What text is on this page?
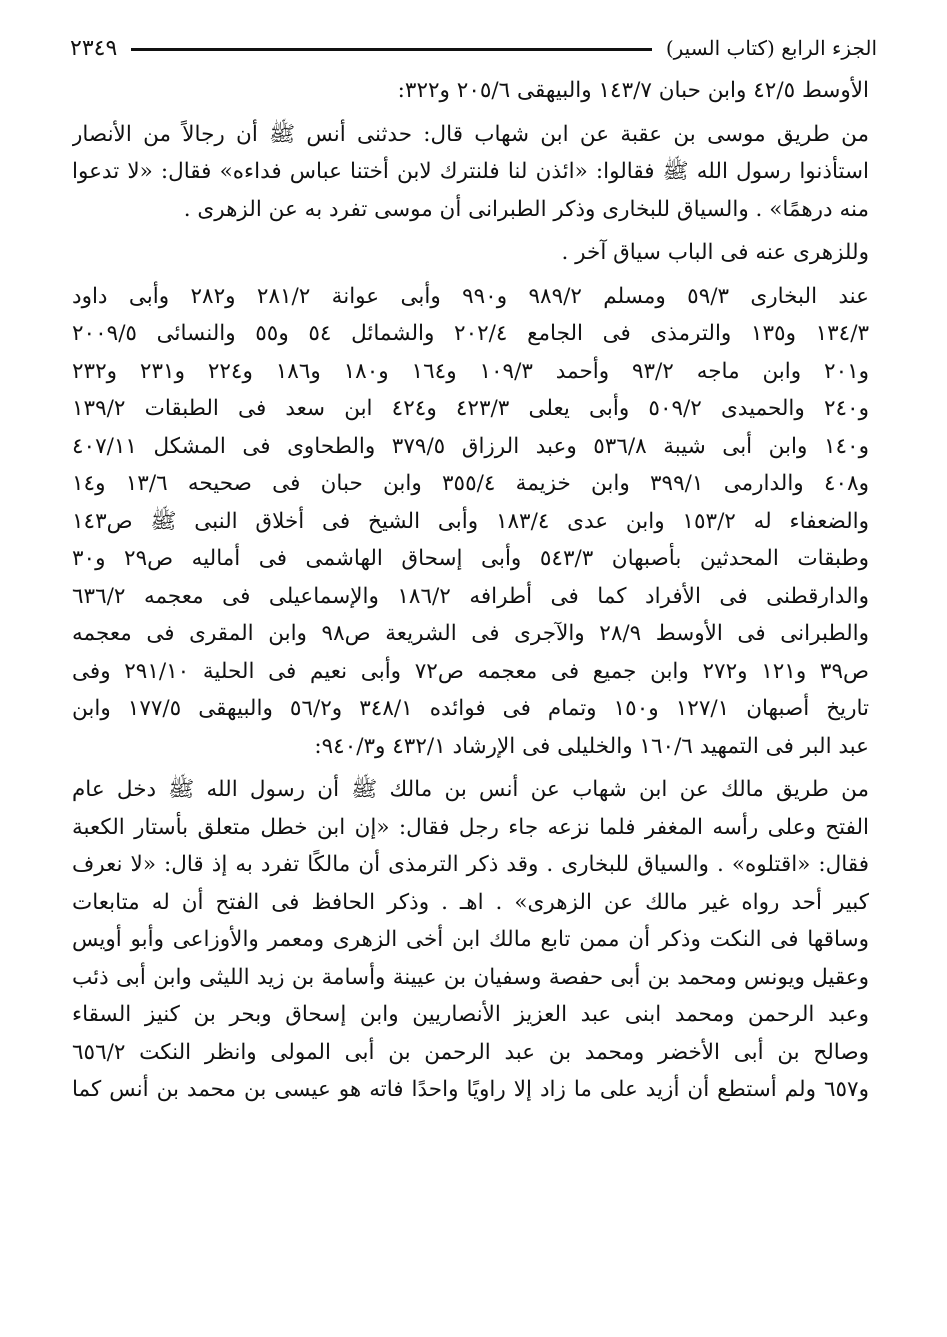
الجزء الرابع (كتاب السير)
٢٣٤٩

الأوسط ٤٢/٥ وابن حبان ١٤٣/٧ والبيهقى ٢٠٥/٦ و٣٢٢:

من طريق موسى بن عقبة عن ابن شهاب قال: حدثنى أنس ﷺ أن رجالاً من الأنصار
استأذنوا رسول الله ﷺ فقالوا: «ائذن لنا فلنترك لابن أختنا عباس فداءه» فقال: «لا تدعوا
منه درهمًا» . والسياق للبخارى وذكر الطبرانى أن موسى تفرد به عن الزهرى .

وللزهرى عنه فى الباب سياق آخر .

عند البخارى ٥٩/٣ ومسلم ٩٨٩/٢ و٩٩٠ وأبى عوانة ٢٨١/٢ و٢٨٢ وأبى داود
١٣٤/٣ و١٣٥ والترمذى فى الجامع ٢٠٢/٤ والشمائل ٥٤ و٥٥ والنسائى ٢٠٠٩/٥
و٢٠١ وابن ماجه ٩٣/٢ وأحمد ١٠٩/٣ و١٦٤ و١٨٠ و١٨٦ و٢٢٤ و٢٣١ و٢٣٢
و٢٤٠ والحميدى ٥٠٩/٢ وأبى يعلى ٤٢٣/٣ و٤٢٤ ابن سعد فى الطبقات ١٣٩/٢
و١٤٠ وابن أبى شيبة ٥٣٦/٨ وعبد الرزاق ٣٧٩/٥ والطحاوى فى المشكل ٤٠٧/١١
و٤٠٨ والدارمى ٣٩٩/١ وابن خزيمة ٣٥٥/٤ وابن حبان فى صحيحه ١٣/٦ و١٤
والضعفاء له ١٥٣/٢ وابن عدى ١٨٣/٤ وأبى الشيخ فى أخلاق النبى ﷺ ص١٤٣
وطبقات المحدثين بأصبهان ٥٤٣/٣ وأبى إسحاق الهاشمى فى أماليه ص٢٩ و٣٠
والدارقطنى فى الأفراد كما فى أطرافه ١٨٦/٢ والإسماعيلى فى معجمه ٦٣٦/٢
والطبرانى فى الأوسط ٢٨/٩ والآجرى فى الشريعة ص٩٨ وابن المقرى فى معجمه
ص٣٩ و١٢١ و٢٧٢ وابن جميع فى معجمه ص٧٢ وأبى نعيم فى الحلية ٢٩١/١٠ وفى
تاريخ أصبهان ١٢٧/١ و١٥٠ وتمام فى فوائده ٣٤٨/١ و٥٦/٢ والبيهقى ١٧٧/٥ وابن
عبد البر فى التمهيد ١٦٠/٦ والخليلى فى الإرشاد ٤٣٢/١ و٩٤٠/٣:

من طريق مالك عن ابن شهاب عن أنس بن مالك ﷺ أن رسول الله ﷺ دخل عام
الفتح وعلى رأسه المغفر فلما نزعه جاء رجل فقال: «إن ابن خطل متعلق بأستار الكعبة
فقال: «اقتلوه» . والسياق للبخارى . وقد ذكر الترمذى أن مالكًا تفرد به إذ قال: «لا نعرف
كبير أحد رواه غير مالك عن الزهرى» . اهـ . وذكر الحافظ فى الفتح أن له متابعات
وساقها فى النكت وذكر أن ممن تابع مالك ابن أخى الزهرى ومعمر والأوزاعى وأبو أويس
وعقيل ويونس ومحمد بن أبى حفصة وسفيان بن عيينة وأسامة بن زيد الليثى وابن أبى ذئب
وعبد الرحمن ومحمد ابنى عبد العزيز الأنصاريين وابن إسحاق وبحر بن كنيز السقاء
وصالح بن أبى الأخضر ومحمد بن عبد الرحمن بن أبى المولى وانظر النكت ٦٥٦/٢
و٦٥٧ ولم أستطع أن أزيد على ما زاد إلا راويًا واحدًا فاته هو عيسى بن محمد بن أنس كما
